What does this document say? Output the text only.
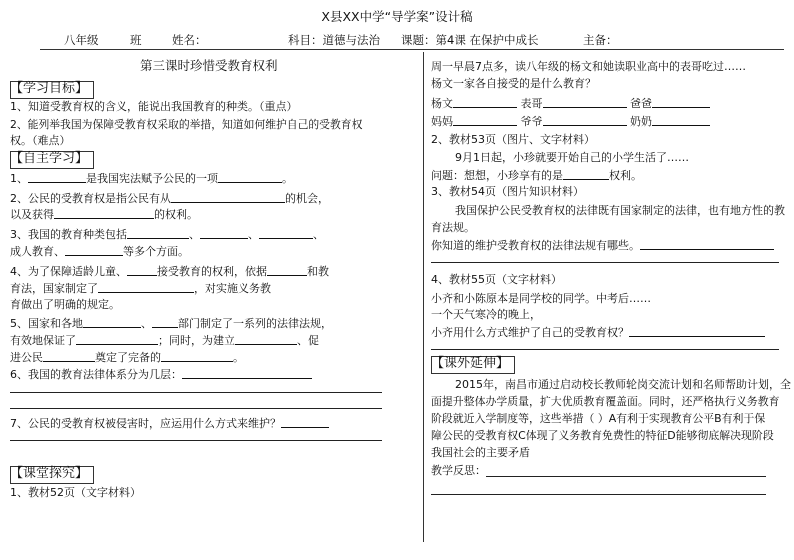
X县XX中学“导学案”设计稿
八年级	班	姓名：	科目：道德与法治 课题：第4课 在保护中成长	主备：
第三课时珍惜受教育权利
【学习目标】
1、知道受教育权的含义，能说出我国教育的种类。（重点）
2、能列举我国为保障受教育权采取的举措，知道如何维护自己的受教育权
权。（难点）
【自主学习】
1、	是我国宪法赋予公民的一项	。
2、公民的受教育权是指公民有从	的机会，
以及获得	的权利。
3、我国的教育种类包括	、	、	、
成人教育、	等多个方面。
4、为了保障适龄儿童、	接受教育的权利，依据	和教
育法，国家制定了	，对实施义务教
育做出了明确的规定。
5、国家和各地	、 部门制定了一系列的法律法规，
有效地保证了	；同时，为建立	、促
进公民	奠定了完备的	。
6、我国的教育法律体系分为几层：
7、公民的受教育权被侵害时，应运用什么方式来维护？
【课堂探究】
1、教材52页（文字材料）
周一早晨7点多，读八年级的杨文和她读职业高中的表哥吃过……
杨文一家各自接受的是什么教育？
杨文	表哥	爸爸
妈妈	爷爷	奶奶
2、教材53页（图片、文字材料）
9月1日起，小珍就要开始自己的小学生活了……
问题：想想，小珍享有的是	权利。
3、教材54页（图片知识材料）
我国保护公民受教育权的法律既有国家制定的法律，也有地方性的教
育法规。
你知道的维护受教育权的法律法规有哪些。
4、教材55页（文字材料）
小齐和小陈原本是同学校的同学。中考后……
一个天气寒冷的晚上，
小齐用什么方式维护了自己的受教育权？
【课外延伸】
2015年，南昌市通过启动校长教师轮岗交流计划和名师帮助计划，全
面提升整体办学质量，扩大优质教育覆盖面。同时，还严格执行义务教育
阶段就近入学制度等，这些举措（ ）A有利于实现教育公平B有利于保
障公民的受教育权C体现了义务教育免费性的特征D能够彻底解决现阶段
我国社会的主要矛盾
教学反思：
